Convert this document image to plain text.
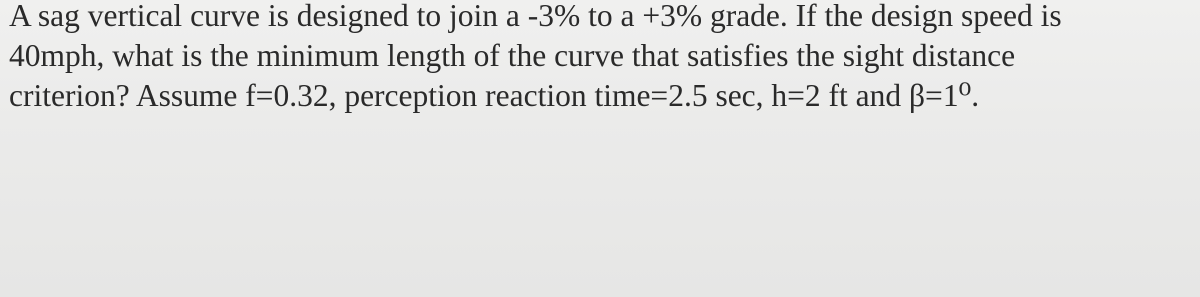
A sag vertical curve is designed to join a -3% to a +3% grade. If the design speed is
40mph, what is the minimum length of the curve that satisfies the sight distance
criterion? Assume f=0.32, perception reaction time=2.5 sec, h=2 ft and β=1⁰.
